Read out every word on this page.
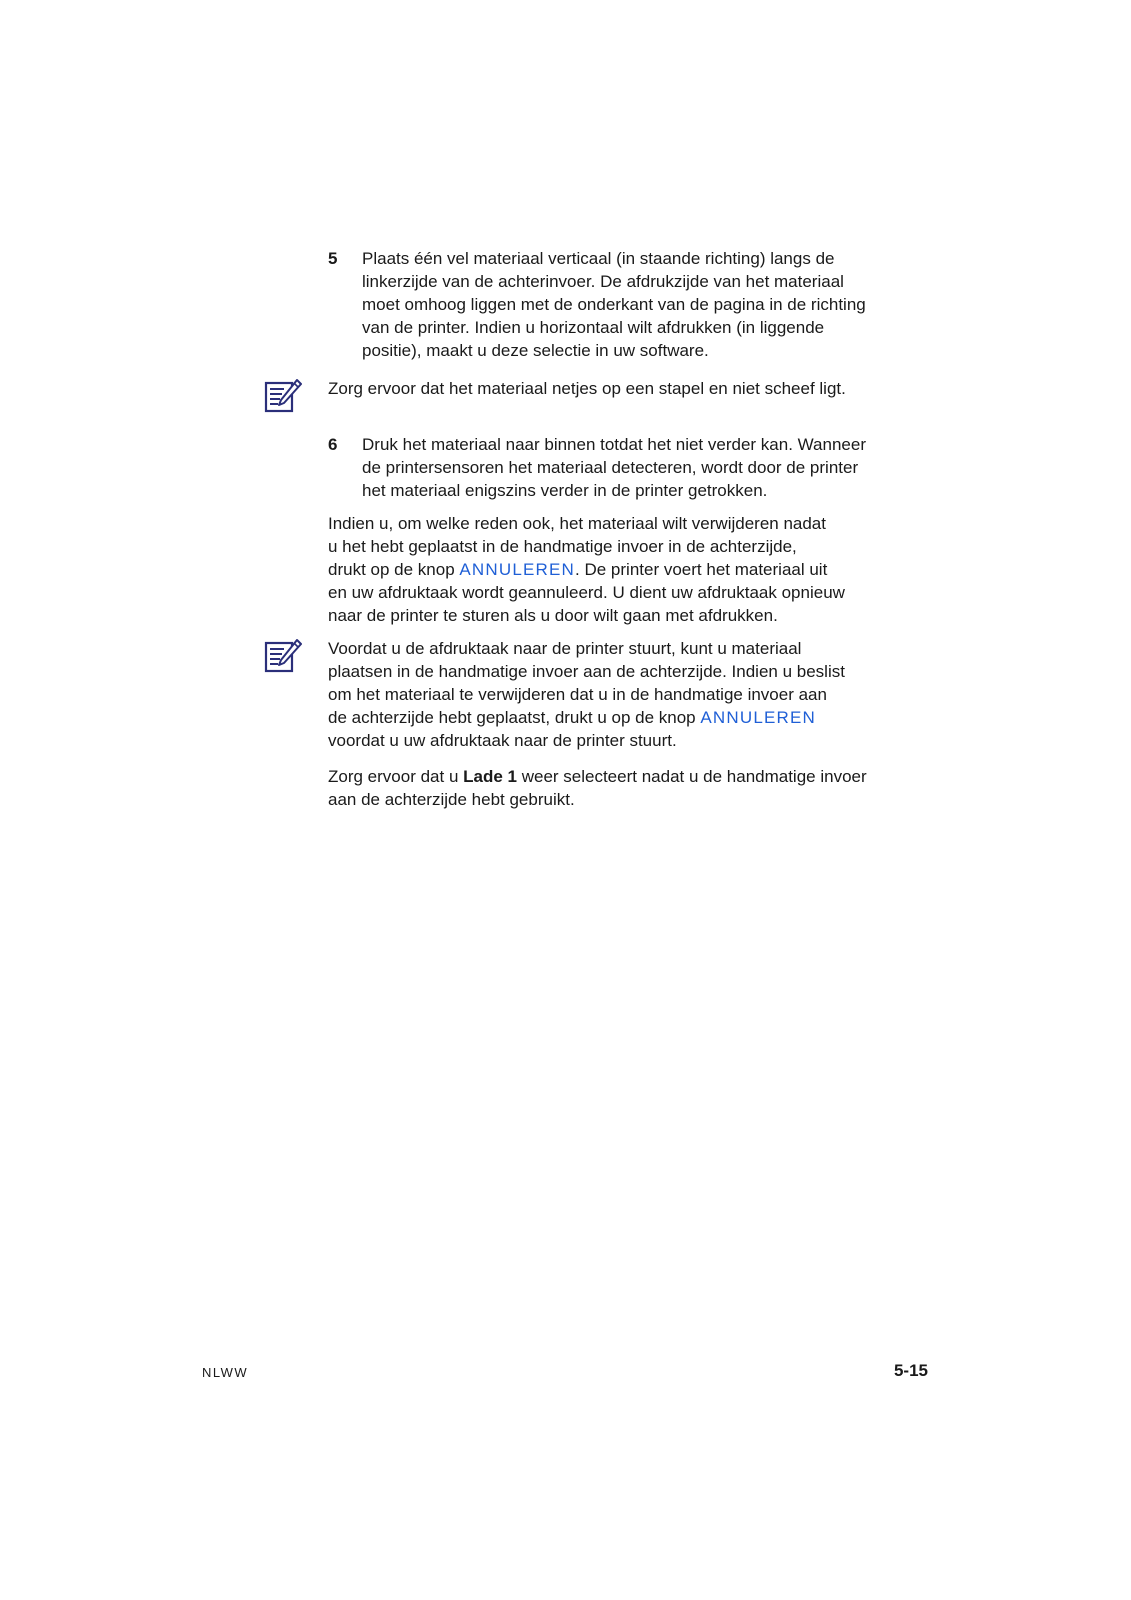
5 Plaats één vel materiaal verticaal (in staande richting) langs de
linkerzijde van de achterinvoer. De afdrukzijde van het materiaal
moet omhoog liggen met de onderkant van de pagina in de richting
van de printer. Indien u horizontaal wilt afdrukken (in liggende
positie), maakt u deze selectie in uw software.

Zorg ervoor dat het materiaal netjes op een stapel en niet scheef ligt.

6 Druk het materiaal naar binnen totdat het niet verder kan. Wanneer
de printersensoren het materiaal detecteren, wordt door de printer
het materiaal enigszins verder in de printer getrokken.

Indien u, om welke reden ook, het materiaal wilt verwijderen nadat
u het hebt geplaatst in de handmatige invoer in de achterzijde,
drukt op de knop ANNULEREN. De printer voert het materiaal uit
en uw afdruktaak wordt geannuleerd. U dient uw afdruktaak opnieuw
naar de printer te sturen als u door wilt gaan met afdrukken.

Voordat u de afdruktaak naar de printer stuurt, kunt u materiaal
plaatsen in de handmatige invoer aan de achterzijde. Indien u beslist
om het materiaal te verwijderen dat u in de handmatige invoer aan
de achterzijde hebt geplaatst, drukt u op de knop ANNULEREN
voordat u uw afdruktaak naar de printer stuurt.

Zorg ervoor dat u Lade 1 weer selecteert nadat u de handmatige invoer
aan de achterzijde hebt gebruikt.

NLWW	5-15
